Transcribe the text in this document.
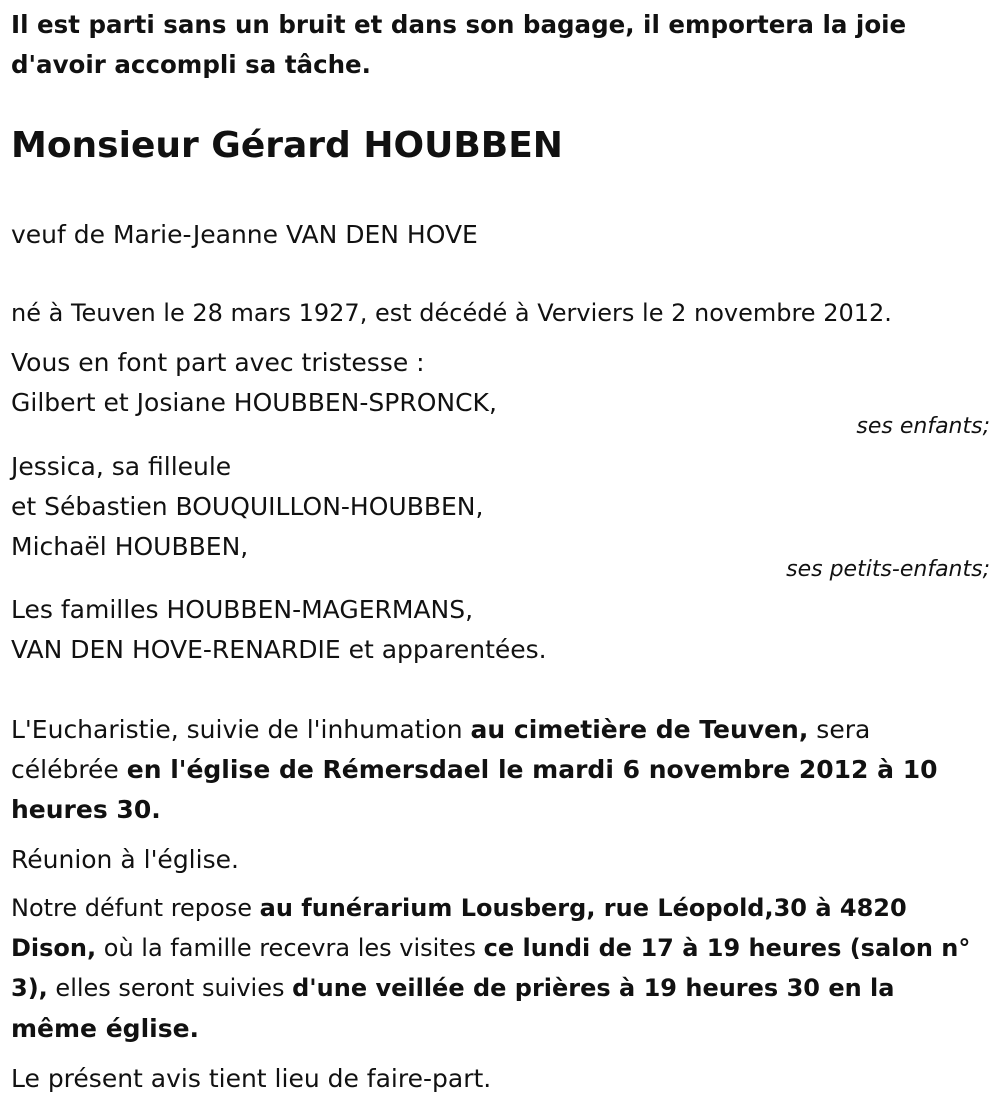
Il est parti sans un bruit et dans son bagage, il emportera la joie
d'avoir accompli sa tâche.
Monsieur Gérard HOUBBEN
veuf de Marie-Jeanne VAN DEN HOVE
né à Teuven le 28 mars 1927, est décédé à Verviers le 2 novembre 2012.
Vous en font part avec tristesse :
Gilbert et Josiane HOUBBEN-SPRONCK,
ses enfants;
Jessica, sa filleule
et Sébastien BOUQUILLON-HOUBBEN,
Michaël HOUBBEN,
ses petits-enfants;
Les familles HOUBBEN-MAGERMANS,
VAN DEN HOVE-RENARDIE et apparentées.
L'Eucharistie, suivie de l'inhumation au cimetière de Teuven, sera
célébrée en l'église de Rémersdael le mardi 6 novembre 2012 à 10
heures 30.
Réunion à l'église.
Notre défunt repose au funérarium Lousberg, rue Léopold,30 à 4820
Dison, où la famille recevra les visites ce lundi de 17 à 19 heures (salon n°
3), elles seront suivies d'une veillée de prières à 19 heures 30 en la
même église.
Le présent avis tient lieu de faire-part.
